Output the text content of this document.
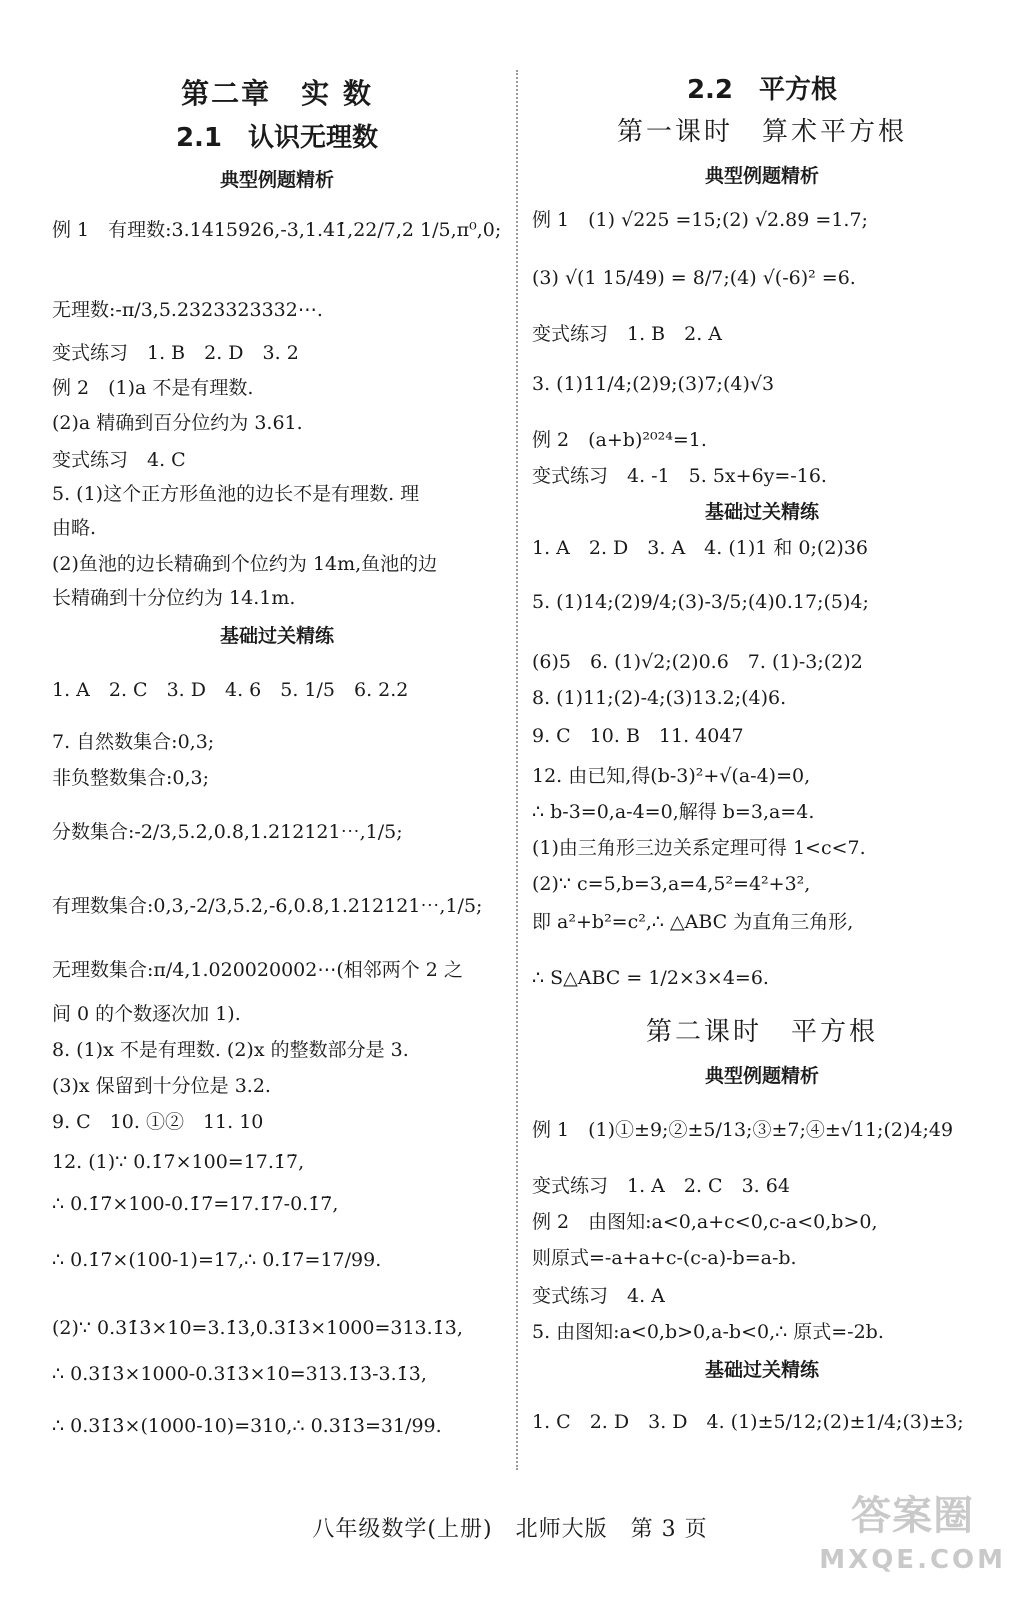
第二章　实 数
2.1　认识无理数
典型例题精析
例 1　有理数:3.1415926,-3,1.41̇,22/7,2 1/5,π⁰,0;
无理数:-π/3,5.2323323332⋯.
变式练习　1. B　2. D　3. 2
例 2　(1)a 不是有理数.
(2)a 精确到百分位约为 3.61.
变式练习　4. C
5. (1)这个正方形鱼池的边长不是有理数. 理
由略.
(2)鱼池的边长精确到个位约为 14m,鱼池的边
长精确到十分位约为 14.1m.
基础过关精练
1. A　2. C　3. D　4. 6　5. 1/5　6. 2.2
7. 自然数集合:0,3;
非负整数集合:0,3;
分数集合:-2/3,5.2̇,0.8,1.212121⋯,1/5;
有理数集合:0,3,-2/3,5.2̇,-6,0.8,1.212121⋯,1/5;
无理数集合:π/4,1.020020002⋯(相邻两个 2 之
间 0 的个数逐次加 1).
8. (1)x 不是有理数. (2)x 的整数部分是 3.
(3)x 保留到十分位是 3.2.
9. C　10. ①②　11. 10
12. (1)∵ 0.1̇7̇×100=17.1̇7̇,
∴ 0.1̇7̇×100-0.1̇7̇=17.1̇7̇-0.1̇7̇,
∴ 0.1̇7̇×(100-1)=17,∴ 0.1̇7̇=17/99.
(2)∵ 0.31̇3̇×10=3.1̇3̇,0.31̇3̇×1000=313.1̇3̇,
∴ 0.31̇3̇×1000-0.31̇3̇×10=313.1̇3̇-3.1̇3̇,
∴ 0.31̇3̇×(1000-10)=310,∴ 0.31̇3̇=31/99.
2.2　平方根
第一课时　算术平方根
典型例题精析
例 1　(1) √225 =15;(2) √2.89 =1.7;
(3) √(1 15/49) = 8/7;(4) √(-6)² =6.
变式练习　1. B　2. A
3. (1)11/4;(2)9;(3)7;(4)√3
例 2　(a+b)²⁰²⁴=1.
变式练习　4. -1　5. 5x+6y=-16.
基础过关精练
1. A　2. D　3. A　4. (1)1 和 0;(2)36
5. (1)14;(2)9/4;(3)-3/5;(4)0.17;(5)4;
(6)5　6. (1)√2;(2)0.6　7. (1)-3;(2)2
8. (1)11;(2)-4;(3)13.2;(4)6.
9. C　10. B　11. 4047
12. 由已知,得(b-3)²+√(a-4)=0,
∴ b-3=0,a-4=0,解得 b=3,a=4.
(1)由三角形三边关系定理可得 1<c<7.
(2)∵ c=5,b=3,a=4,5²=4²+3²,
即 a²+b²=c²,∴ △ABC 为直角三角形,
∴ S△ABC = 1/2×3×4=6.
第二课时　平方根
典型例题精析
例 1　(1)①±9;②±5/13;③±7;④±√11;(2)4;49
变式练习　1. A　2. C　3. 64
例 2　由图知:a<0,a+c<0,c-a<0,b>0,
则原式=-a+a+c-(c-a)-b=a-b.
变式练习　4. A
5. 由图知:a<0,b>0,a-b<0,∴ 原式=-2b.
基础过关精练
1. C　2. D　3. D　4. (1)±5/12;(2)±1/4;(3)±3;
八年级数学(上册)　北师大版　第 3 页	答案圈
MXQE.COM
